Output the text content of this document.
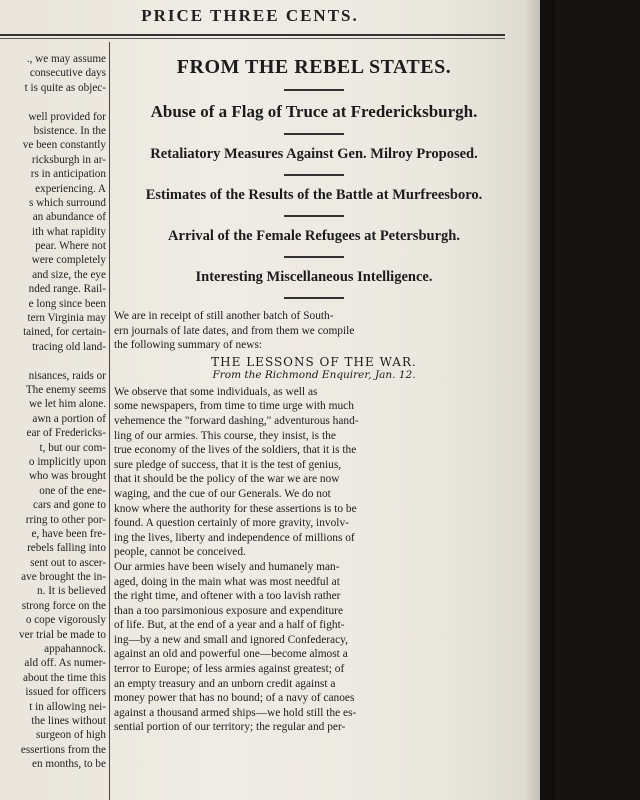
PRICE THREE CENTS.
., we may assume
consecutive days
t is quite as objec-
well provided for
bsistence. In the
ve been constantly
ricksburgh in ar-
rs in anticipation
experiencing. A
s which surround
an abundance of
ith what rapidity
pear. Where not
were completely
and size, the eye
nded range. Rail-
e long since been
tern Virginia may
tained, for certain-
tracing old land-
nisances, raids or
The enemy seems
we let him alone.
awn a portion of
ear of Fredericks-
t, but our com-
o implicitly upon
who was brought
one of the ene-
cars and gone to
rring to other por-
e, have been fre-
rebels falling into
sent out to ascer-
ave brought the in-
n. It is believed
strong force on the
o cope vigorously
ver trial be made to
appahannock.
ald off. As numer-
about the time this
issued for officers
t in allowing nei-
the lines without
surgeon of high
essertions from the
en months, to be
FROM THE REBEL STATES.
Abuse of a Flag of Truce at Fredericksburgh.
Retaliatory Measures Against Gen. Milroy Proposed.
Estimates of the Results of the Battle at Murfreesboro.
Arrival of the Female Refugees at Petersburgh.
Interesting Miscellaneous Intelligence.
We are in receipt of still another batch of South-
ern journals of late dates, and from them we compile
the following summary of news:
THE LESSONS OF THE WAR.
From the Richmond Enquirer, Jan. 12.
We observe that some individuals, as well as
some newspapers, from time to time urge with much
vehemence the "forward dashing," adventurous hand-
ling of our armies. This course, they insist, is the
true economy of the lives of the soldiers, that it is the
sure pledge of success, that it is the test of genius,
that it should be the policy of the war we are now
waging, and the cue of our Generals. We do not
know where the authority for these assertions is to be
found. A question certainly of more gravity, involv-
ing the lives, liberty and independence of millions of
people, cannot be conceived.
Our armies have been wisely and humanely man-
aged, doing in the main what was most needful at
the right time, and oftener with a too lavish rather
than a too parsimonious exposure and expenditure
of life. But, at the end of a year and a half of fight-
ing—by a new and small and ignored Confederacy,
against an old and powerful one—become almost a
terror to Europe; of less armies against greatest; of
an empty treasury and an unborn credit against a
money power that has no bound; of a navy of canoes
against a thousand armed ships—we hold still the es-
sential portion of our territory; the regular and per-
